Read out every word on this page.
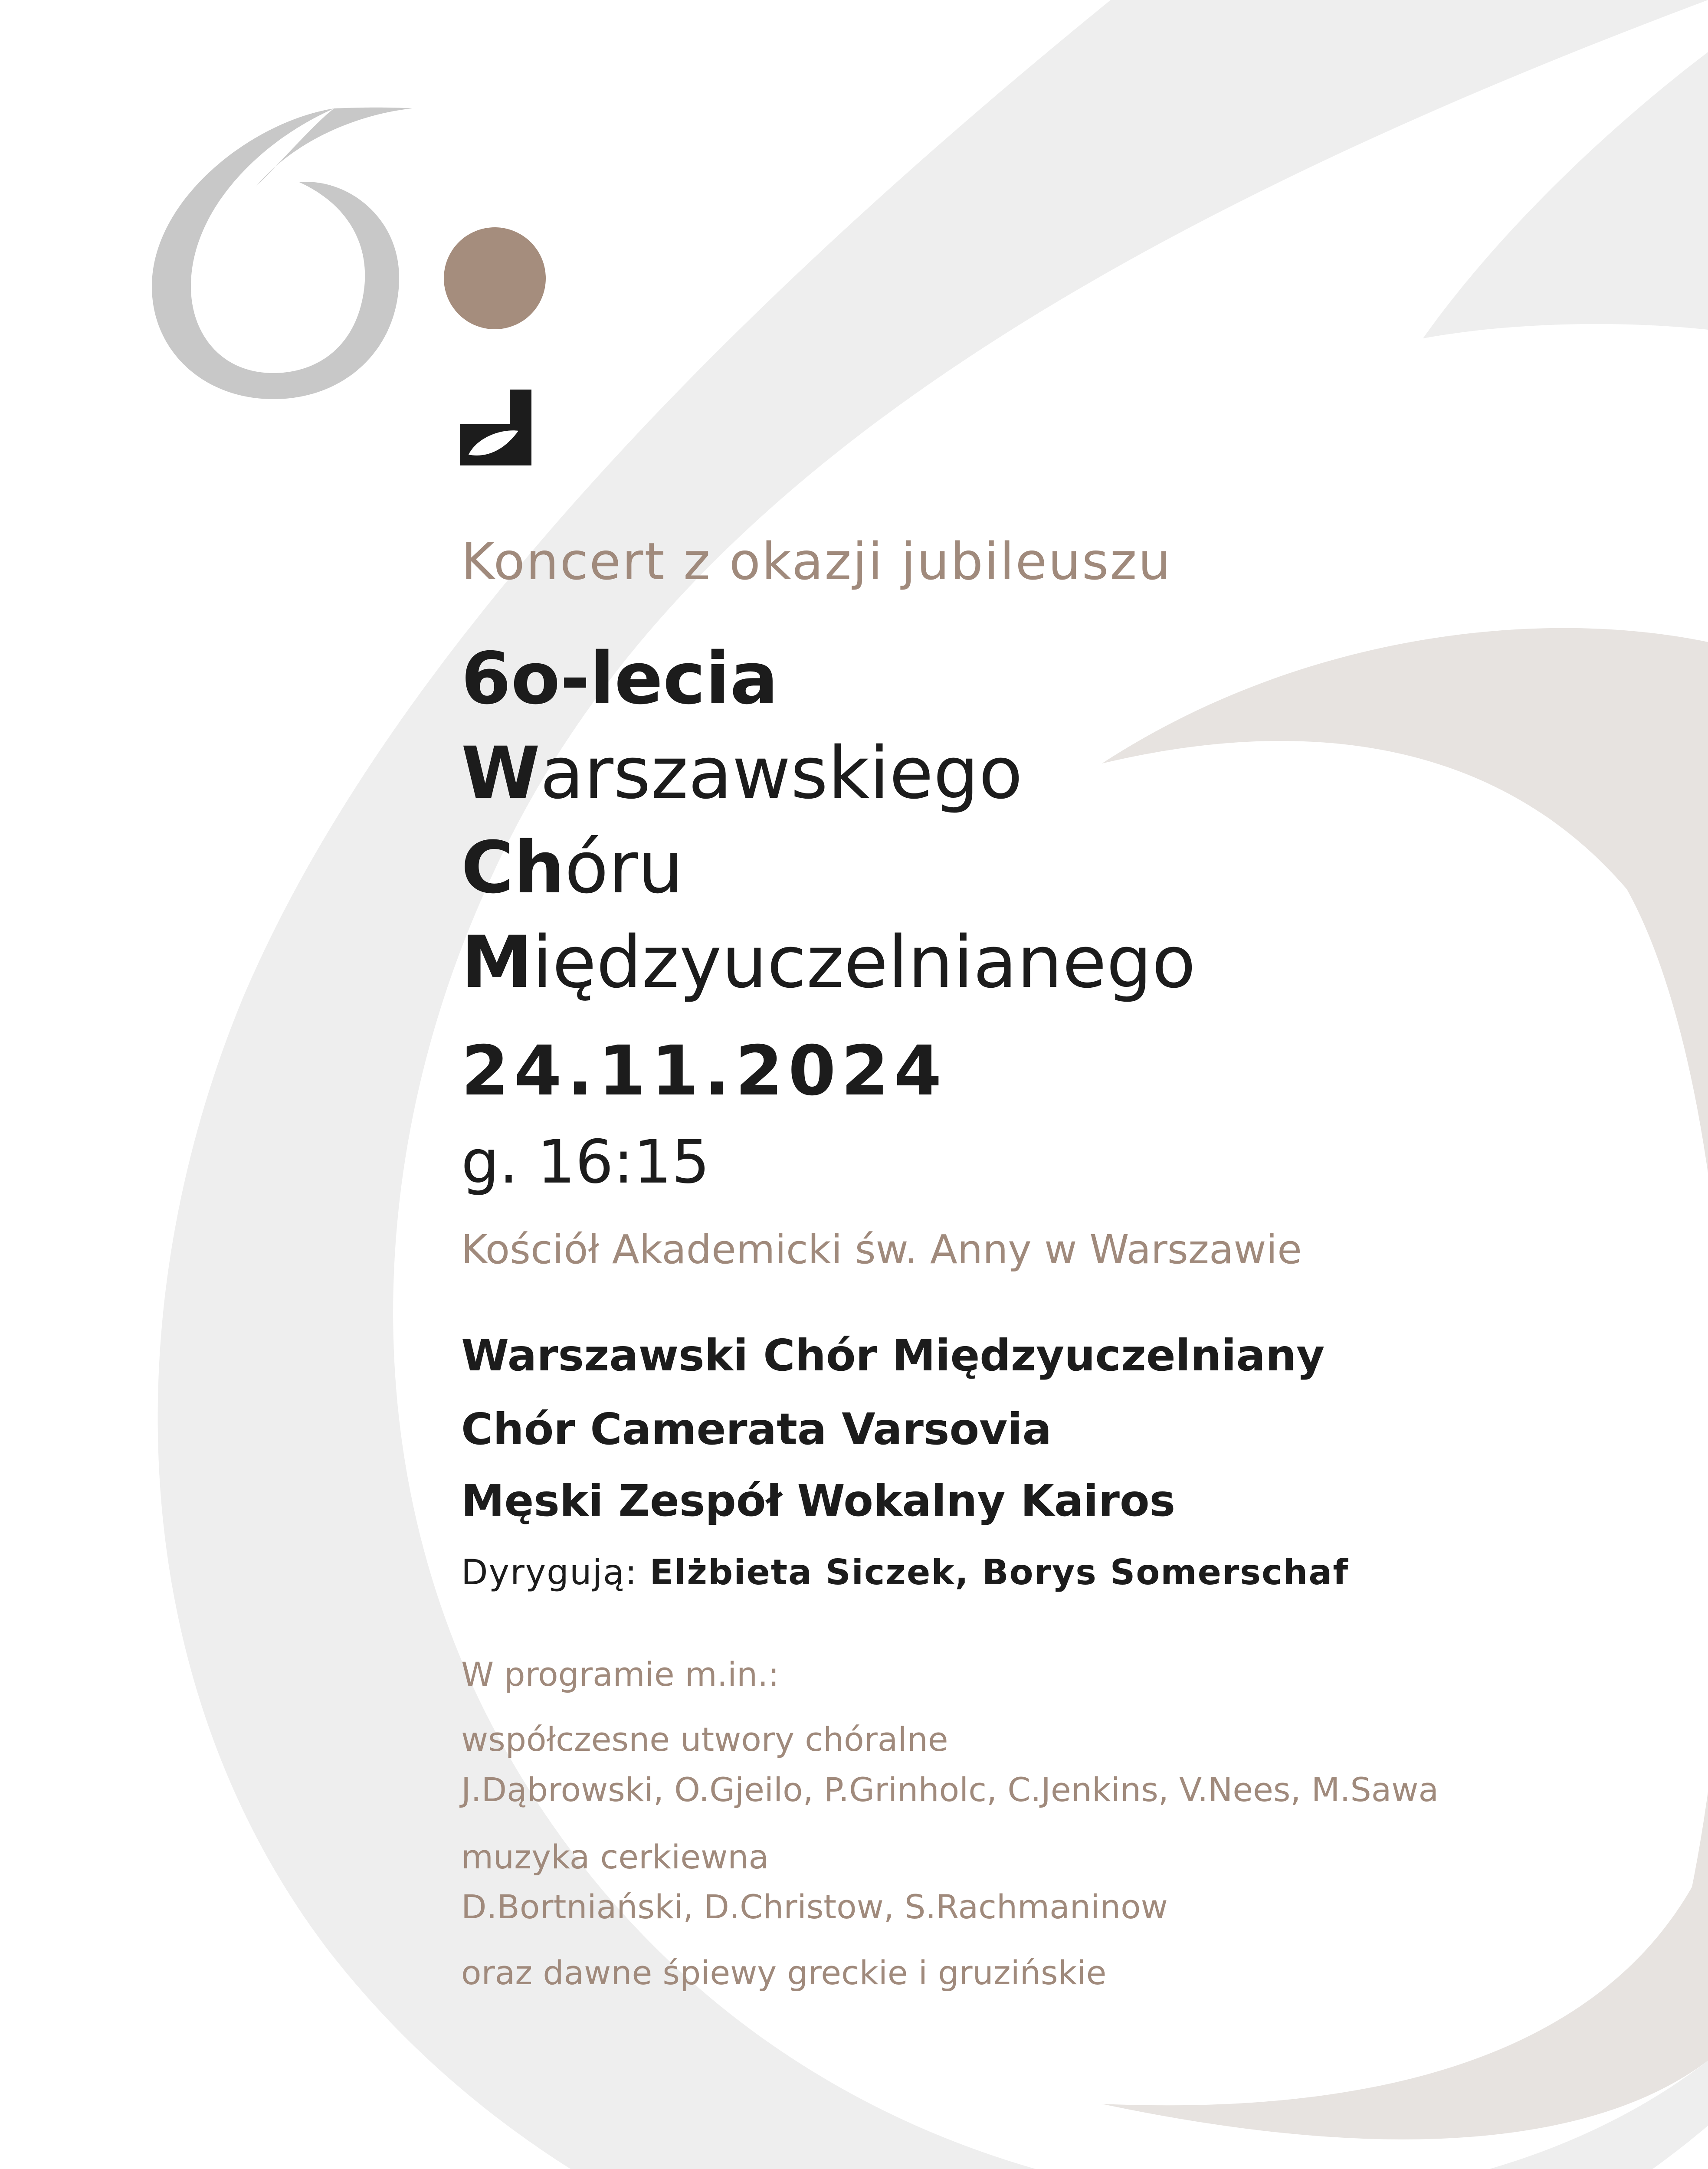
Koncert z okazji jubileuszu

6o-lecia
Warszawskiego
Chóru
Międzyuczelnianego

24.11.2024

g. 16:15

Kościół Akademicki św. Anny w Warszawie

Warszawski Chór Międzyuczelniany

Chór Camerata Varsovia

Męski Zespół Wokalny Kairos

Dyrygują: Elżbieta Siczek, Borys Somerschaf

W programie m.in.:

współczesne utwory chóralne

J.Dąbrowski, O.Gjeilo, P.Grinholc, C.Jenkins, V.Nees, M.Sawa

muzyka cerkiewna

D.Bortniański, D.Christow, S.Rachmaninow

oraz dawne śpiewy greckie i gruzińskie
